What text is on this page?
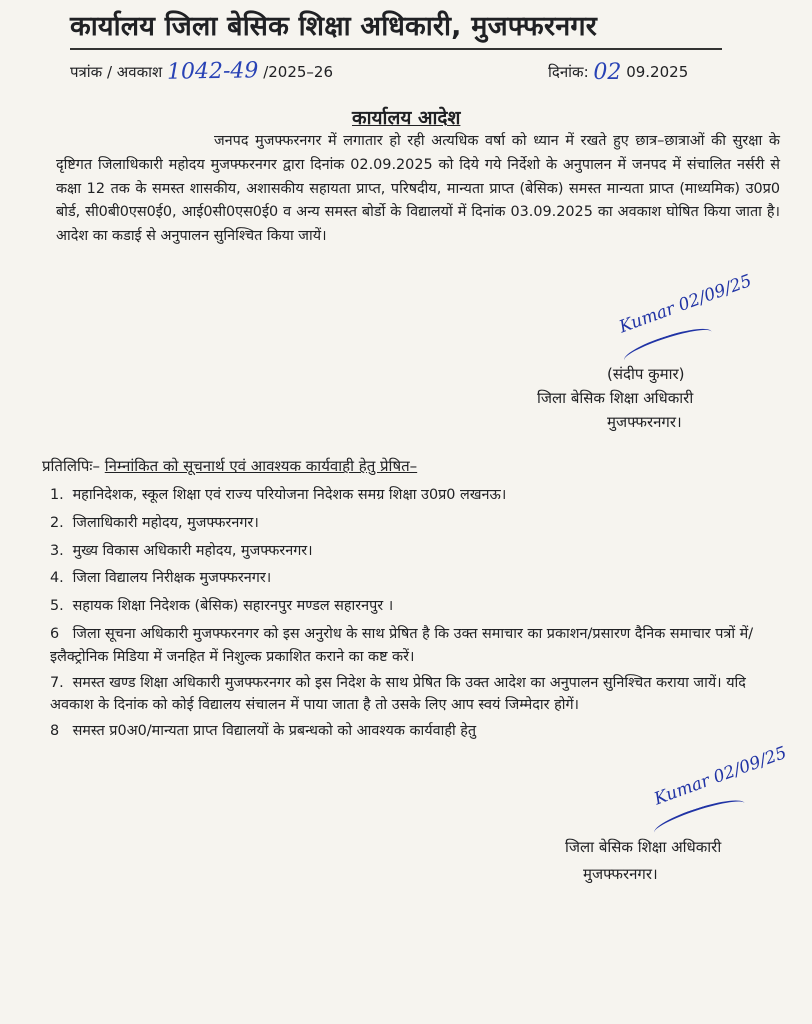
कार्यालय जिला बेसिक शिक्षा अधिकारी, मुजफ्फरनगर
पत्रांक / अवकाश 1042-49 /2025–26	दिनांक: 02 09.2025
कार्यालय आदेश
जनपद मुजफ्फरनगर में लगातार हो रही अत्यधिक वर्षा को ध्यान में रखते हुए छात्र–छात्राओं की सुरक्षा के दृष्टिगत जिलाधिकारी महोदय मुजफ्फरनगर द्वारा दिनांक 02.09.2025 को दिये गये निर्देशो के अनुपालन में जनपद में संचालित नर्सरी से कक्षा 12 तक के समस्त शासकीय, अशासकीय सहायता प्राप्त, परिषदीय, मान्यता प्राप्त (बेसिक) समस्त मान्यता प्राप्त (माध्यमिक) उ0प्र0 बोर्ड, सी0बी0एस0ई0, आई0सी0एस0ई0 व अन्य समस्त बोर्डो के विद्यालयों में दिनांक 03.09.2025 का अवकाश घोषित किया जाता है। आदेश का कडाई से अनुपालन सुनिश्चित किया जायें।
Kumar 02/09/25
(संदीप कुमार)
जिला बेसिक शिक्षा अधिकारी
मुजफ्फरनगर।
प्रतिलिपिः– निम्नांकित को सूचनार्थ एवं आवश्यक कार्यवाही हेतु प्रेषित–
1. महानिदेशक, स्कूल शिक्षा एवं राज्य परियोजना निदेशक समग्र शिक्षा उ0प्र0 लखनऊ।
2. जिलाधिकारी महोदय, मुजफ्फरनगर।
3. मुख्य विकास अधिकारी महोदय, मुजफ्फरनगर।
4. जिला विद्यालय निरीक्षक मुजफ्फरनगर।
5. सहायक शिक्षा निदेशक (बेसिक) सहारनपुर मण्डल सहारनपुर ।
6 जिला सूचना अधिकारी मुजफ्फरनगर को इस अनुरोध के साथ प्रेषित है कि उक्त समाचार का प्रकाशन/प्रसारण दैनिक समाचार पत्रों में/इलैक्ट्रोनिक मिडिया में जनहित में निशुल्क प्रकाशित कराने का कष्ट करें।
7. समस्त खण्ड शिक्षा अधिकारी मुजफ्फरनगर को इस निदेश के साथ प्रेषित कि उक्त आदेश का अनुपालन सुनिश्चित कराया जायें। यदि अवकाश के दिनांक को कोई विद्यालय संचालन में पाया जाता है तो उसके लिए आप स्वयं जिम्मेदार होगें।
8 समस्त प्र0अ0/मान्यता प्राप्त विद्यालयों के प्रबन्धको को आवश्यक कार्यवाही हेतु
Kumar 02/09/25
जिला बेसिक शिक्षा अधिकारी
मुजफ्फरनगर।
